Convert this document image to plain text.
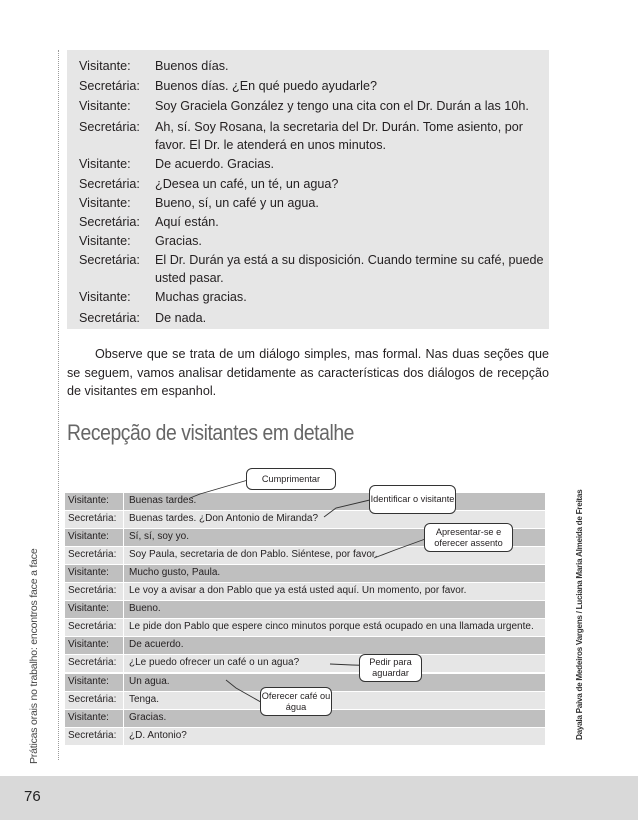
Práticas orais no trabalho: encontros face a face	Dayala Paiva de Medeiros Vargens / Luciana Maria Almeida de Freitas
Visitante:	Buenos días.
Secretária:	Buenos días. ¿En qué puedo ayudarle?
Visitante:	Soy Graciela González y tengo una cita con el Dr. Durán a las 10h.
Secretária:	Ah, sí. Soy Rosana, la secretaria del Dr. Durán. Tome asiento, por favor. El Dr. le atenderá en unos minutos.
Visitante:	De acuerdo. Gracias.
Secretária:	¿Desea un café, un té, un agua?
Visitante:	Bueno, sí, un café y un agua.
Secretária:	Aquí están.
Visitante:	Gracias.
Secretária:	El Dr. Durán ya está a su disposición. Cuando termine su café, puede usted pasar.
Visitante:	Muchas gracias.
Secretária:	De nada.
Observe que se trata de um diálogo simples, mas formal. Nas duas seções que se seguem, vamos analisar detidamente as características dos diálogos de recepção de visitantes em espanhol.
Recepção de visitantes em detalhe
Visitante:	Buenas tardes.
Secretária:	Buenas tardes. ¿Don Antonio de Miranda?
Visitante:	Sí, sí, soy yo.
Secretária:	Soy Paula, secretaria de don Pablo. Siéntese, por favor.
Visitante:	Mucho gusto, Paula.
Secretária:	Le voy a avisar a don Pablo que ya está usted aquí. Un momento, por favor.
Visitante:	Bueno.
Secretária:	Le pide don Pablo que espere cinco minutos porque está ocupado en una llamada urgente.
Visitante:	De acuerdo.
Secretária:	¿Le puedo ofrecer un café o un agua?
Visitante:	Un agua.
Secretária:	Tenga.
Visitante:	Gracias.
Secretária:	¿D. Antonio?
Cumprimentar
Identificar o visitante
Apresentar-se e oferecer assento
Pedir para aguardar
Oferecer café ou água
76
